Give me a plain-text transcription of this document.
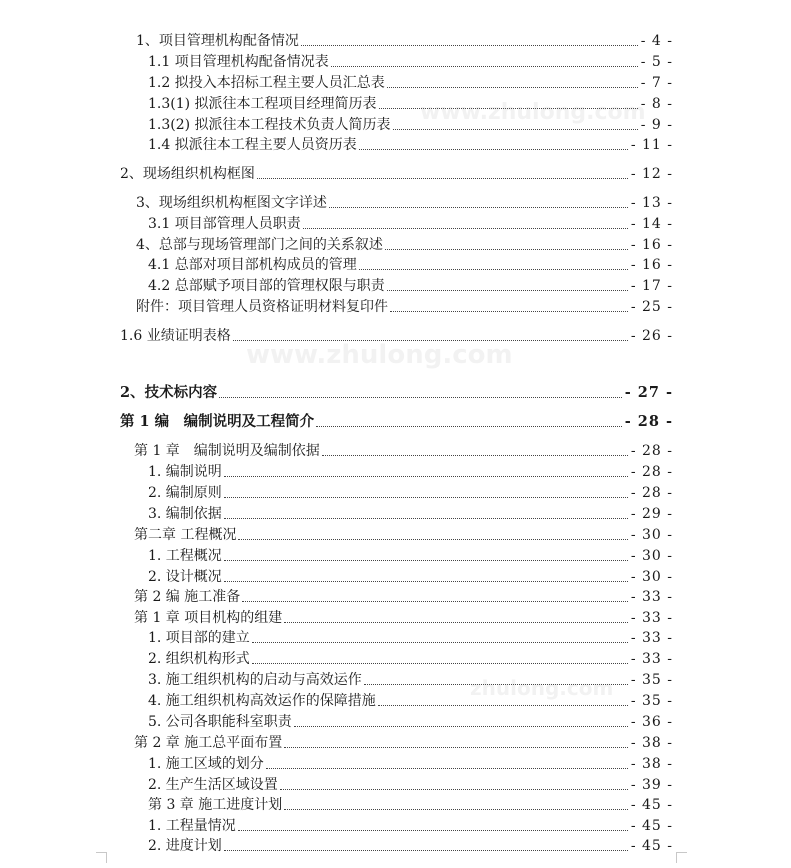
1、项目管理机构配备情况	- 4 -
1.1 项目管理机构配备情况表	- 5 -
1.2 拟投入本招标工程主要人员汇总表	- 7 -
1.3(1) 拟派往本工程项目经理简历表	- 8 -
1.3(2) 拟派往本工程技术负责人简历表	- 9 -
1.4 拟派往本工程主要人员资历表	- 11 -
2、现场组织机构框图	- 12 -
3、现场组织机构框图文字详述	- 13 -
3.1 项目部管理人员职责	- 14 -
4、总部与现场管理部门之间的关系叙述	- 16 -
4.1 总部对项目部机构成员的管理	- 16 -
4.2 总部赋予项目部的管理权限与职责	- 17 -
附件：项目管理人员资格证明材料复印件	- 25 -
1.6 业绩证明表格	- 26 -
2、技术标内容	- 27 -
第 1 编　编制说明及工程简介	- 28 -
第 1 章　编制说明及编制依据	- 28 -
1. 编制说明	- 28 -
2. 编制原则	- 28 -
3. 编制依据	- 29 -
第二章 工程概况	- 30 -
1. 工程概况	- 30 -
2. 设计概况	- 30 -
第 2 编 施工准备	- 33 -
第 1 章 项目机构的组建	- 33 -
1. 项目部的建立	- 33 -
2. 组织机构形式	- 33 -
3. 施工组织机构的启动与高效运作	- 35 -
4. 施工组织机构高效运作的保障措施	- 35 -
5. 公司各职能科室职责	- 36 -
第 2 章 施工总平面布置	- 38 -
1. 施工区域的划分	- 38 -
2. 生产生活区域设置	- 39 -
第 3 章 施工进度计划	- 45 -
1. 工程量情况	- 45 -
2. 进度计划	- 45 -
www.zhulong.com
www.zhulong.com
zhulong.com
